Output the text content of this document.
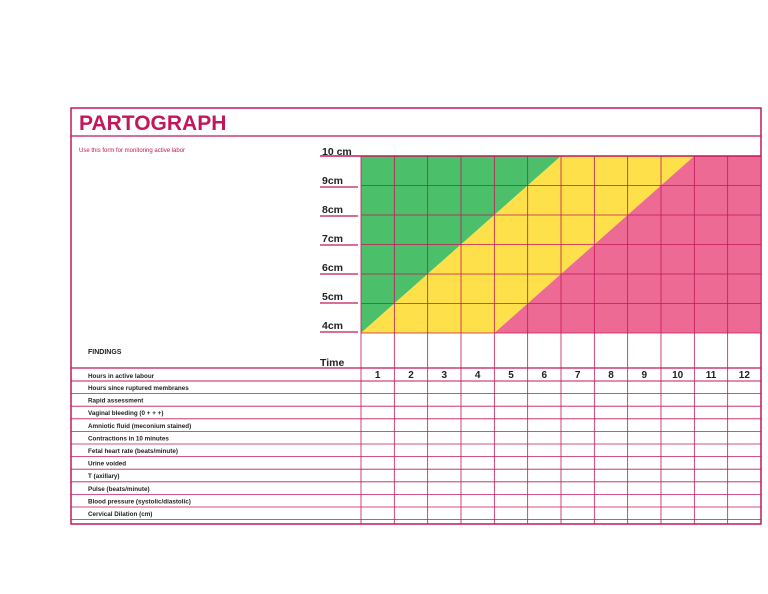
PARTOGRAPH
Use this form for monitoring active labor	10 cm
9cm
8cm
7cm
6cm
5cm
4cm
FINDINGS
Time
1	2	3	4	5	6	7	8	9 10 11 12
Hours in active labour
Hours since ruptured membranes
Rapid assessment
Vaginal bleeding (0 + + +)
Amniotic fluid (meconium stained)
Contractions in 10 minutes
Fetal heart rate (beats/minute)
Urine voided
T (axillary)
Pulse (beats/minute)
Blood pressure (systolic/diastolic)
Cervical Dilation (cm)
